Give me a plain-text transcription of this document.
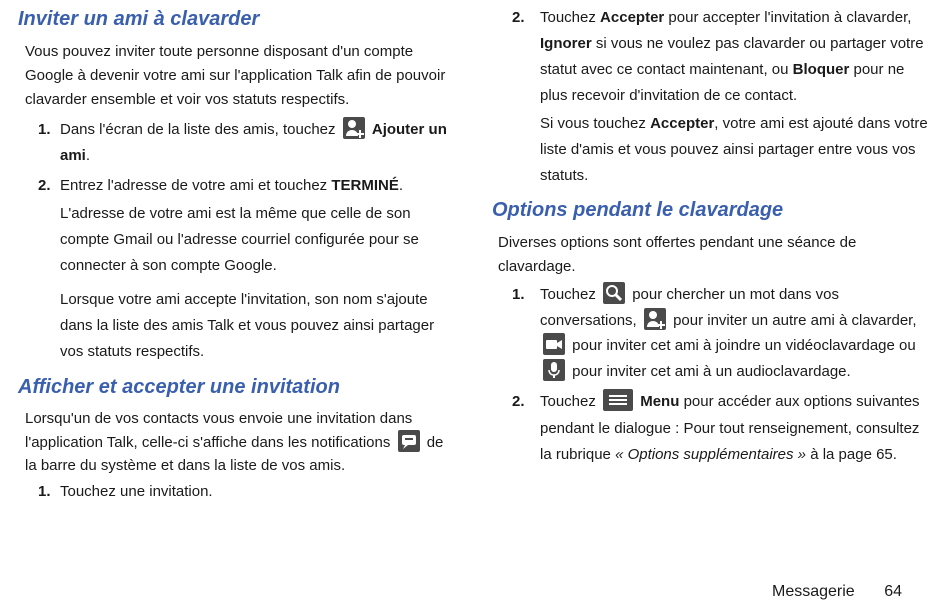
Inviter un ami à clavarder

Vous pouvez inviter toute personne disposant d'un compte Google à devenir votre ami sur l'application Talk afin de pouvoir clavarder ensemble et voir vos statuts respectifs.

1. Dans l'écran de la liste des amis, touchez Ajouter un ami.
2. Entrez l'adresse de votre ami et touchez TERMINÉ.

L'adresse de votre ami est la même que celle de son compte Gmail ou l'adresse courriel configurée pour se connecter à son compte Google.

Lorsque votre ami accepte l'invitation, son nom s'ajoute dans la liste des amis Talk et vous pouvez ainsi partager vos statuts respectifs.

Afficher et accepter une invitation

Lorsqu'un de vos contacts vous envoie une invitation dans l'application Talk, celle-ci s'affiche dans les notifications de la barre du système et dans la liste de vos amis.

1. Touchez une invitation.
2. Touchez Accepter pour accepter l'invitation à clavarder, Ignorer si vous ne voulez pas clavarder ou partager votre statut avec ce contact maintenant, ou Bloquer pour ne plus recevoir d'invitation de ce contact.

Si vous touchez Accepter, votre ami est ajouté dans votre liste d'amis et vous pouvez ainsi partager entre vous vos statuts.

Options pendant le clavardage

Diverses options sont offertes pendant une séance de clavardage.

1. Touchez pour chercher un mot dans vos conversations, pour inviter un autre ami à clavarder,
pour inviter cet ami à joindre un vidéoclavardage ou
pour inviter cet ami à un audioclavardage.
2. Touchez	Menu pour accéder aux options suivantes pendant le dialogue : Pour tout renseignement, consultez la rubrique « Options supplémentaires » à la page 65.
Messagerie 64
